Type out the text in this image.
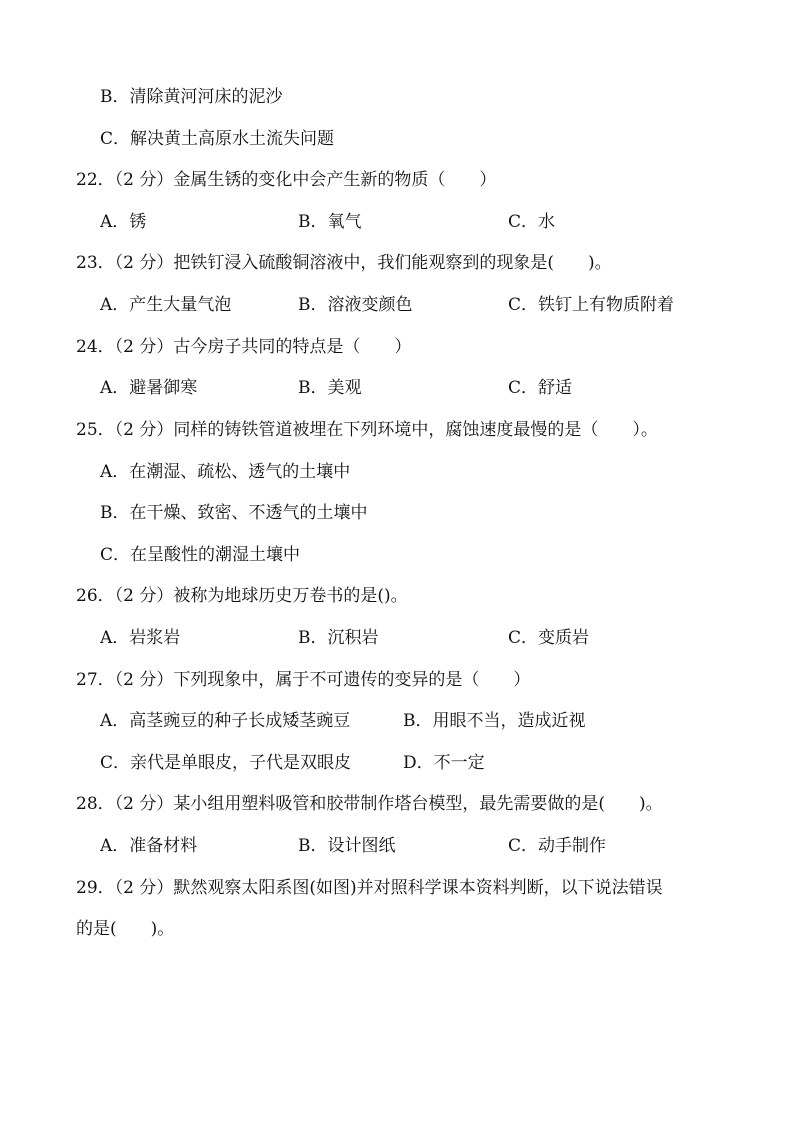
B．清除黄河河床的泥沙
C．解决黄土高原水土流失问题
22．（2 分）金属生锈的变化中会产生新的物质（　　）
A．锈	B．氧气	C．水
23．（2 分）把铁钉浸入硫酸铜溶液中，我们能观察到的现象是(　　)。
A．产生大量气泡	B．溶液变颜色	C．铁钉上有物质附着
24．（2 分）古今房子共同的特点是（　　）
A．避暑御寒	B．美观	C．舒适
25．（2 分）同样的铸铁管道被埋在下列环境中，腐蚀速度最慢的是（　　）。
A．在潮湿、疏松、透气的土壤中
B．在干燥、致密、不透气的土壤中
C．在呈酸性的潮湿土壤中
26．（2 分）被称为地球历史万卷书的是()。
A．岩浆岩	B．沉积岩	C．变质岩
27．（2 分）下列现象中，属于不可遗传的变异的是（　　）
A．高茎豌豆的种子长成矮茎豌豆	B．用眼不当，造成近视
C．亲代是单眼皮，子代是双眼皮	D．不一定
28．（2 分）某小组用塑料吸管和胶带制作塔台模型，最先需要做的是(　　)。
A．准备材料	B．设计图纸	C．动手制作
29．（2 分）默然观察太阳系图(如图)并对照科学课本资料判断，以下说法错误
的是(　　)。
